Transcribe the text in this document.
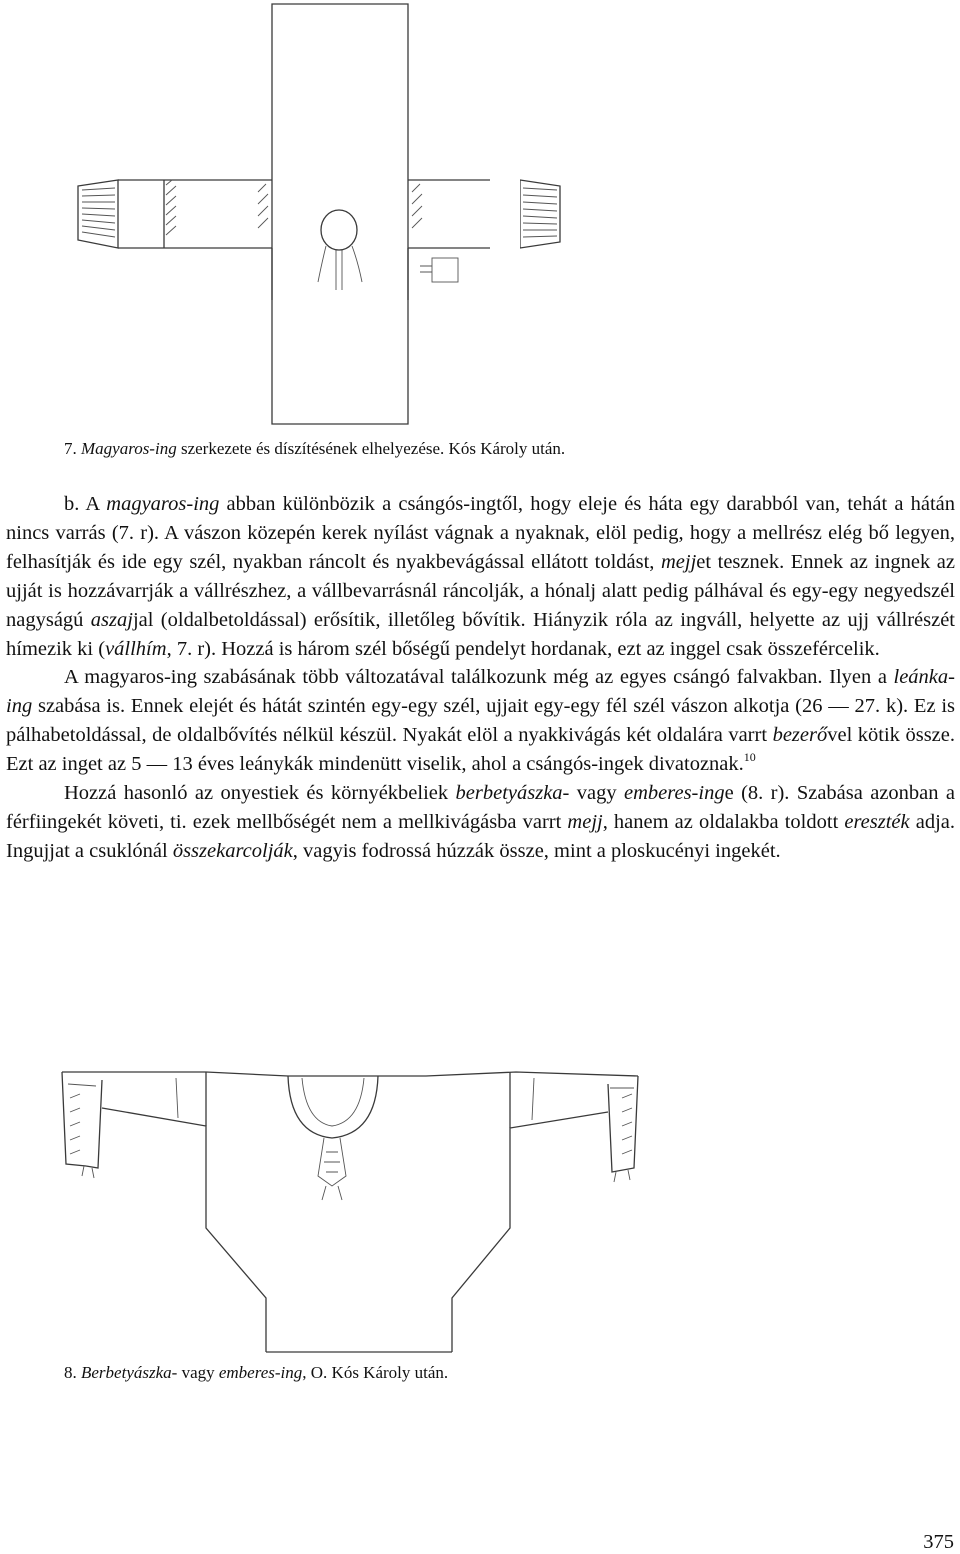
7. Magyaros-ing szerkezete és díszítésének elhelyezése. Kós Károly után.

b. A magyaros-ing abban különbözik a csángós-ingtől, hogy eleje és háta egy darabból van, tehát a hátán nincs varrás (7. r). A vászon közepén kerek nyílást vágnak a nyaknak, elöl pedig, hogy a mellrész elég bő legyen, felhasítják és ide egy szél, nyakban ráncolt és nyakbevágással ellátott toldást, mejjet tesznek. Ennek az ingnek az ujját is hozzávarrják a vállrészhez, a vállbevarrásnál ráncolják, a hónalj alatt pedig pálhával és egy-egy negyedszél nagyságú aszajjal (oldalbetoldással) erősítik, illetőleg bővítik. Hiányzik róla az ingváll, helyette az ujj vállrészét hímezik ki (vállhím, 7. r). Hozzá is három szél bőségű pendelyt hordanak, ezt az inggel csak összefércelik.

A magyaros-ing szabásának több változatával találkozunk még az egyes csángó falvakban. Ilyen a leánka-ing szabása is. Ennek elejét és hátát szintén egy-egy szél, ujjait egy-egy fél szél vászon alkotja (26 — 27. k). Ez is pálhabetoldással, de oldalbővítés nélkül készül. Nyakát elöl a nyakkivágás két oldalára varrt bezerővel kötik össze. Ezt az inget az 5 — 13 éves leánykák mindenütt viselik, ahol a csángós-ingek divatoznak.$^{10}$

Hozzá hasonló az onyestiek és környékbeliek berbetyászka- vagy emberes-inge (8. r). Szabása azonban a férfiingekét követi, ti. ezek mellbőségét nem a mellkivágásba varrt mejj, hanem az oldalakba toldott ereszték adja. Ingujjat a csuklónál összekarcolják, vagyis fodrossá húzzák össze, mint a ploskucényi ingekét.

8. Berbetyászka- vagy emberes-ing, O. Kós Károly után.
375
